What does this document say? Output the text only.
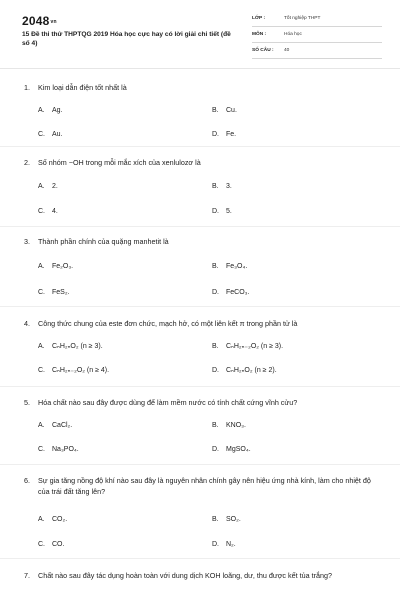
2048vn
15 Đề thi thử THPTQG 2019 Hóa học cực hay có lời giải chi tiết (đề số 4)
LỚP :	Tốt nghiệp THPT
MÔN :	Hóa học
SỐ CÂU : 40
1.	Kim loại dẫn điện tốt nhất là
A. Ag.	B. Cu.
C. Au.	D. Fe.
2.	Số nhóm −OH trong mỗi mắc xích của xenlulozơ là
A. 2.	B. 3.
C. 4.	D. 5.
3.	Thành phần chính của quặng manhetit là
A. Fe₂O₃.	B. Fe₃O₄.
C. FeS₂.	D. FeCO₃.
4.	Công thức chung của este đơn chức, mạch hở, có một liên kết π trong phần tử là
A. CₙH₂ₙO₂ (n ≥ 3).	B. CₙH₂ₙ₋₂O₂ (n ≥ 3).
C. CₙH₂ₙ₋₂O₂ (n ≥ 4).	D. CₙH₂ₙO₂ (n ≥ 2).
5.	Hóa chất nào sau đây được dùng để làm mềm nước có tính chất cứng vĩnh cửu?
A. CaCl₂.	B. KNO₃.
C. Na₃PO₄.	D. MgSO₄.
6.	Sự gia tăng nồng độ khí nào sau đây là nguyên nhân chính gây nên hiệu ứng nhà kính, làm cho nhiệt độ của trái đất tăng lên?
A. CO₂.	B. SO₂.
C. CO.	D. N₂.
7.	Chất nào sau đây tác dụng hoàn toàn với dung dịch KOH loãng, dư, thu được kết tủa trắng?
